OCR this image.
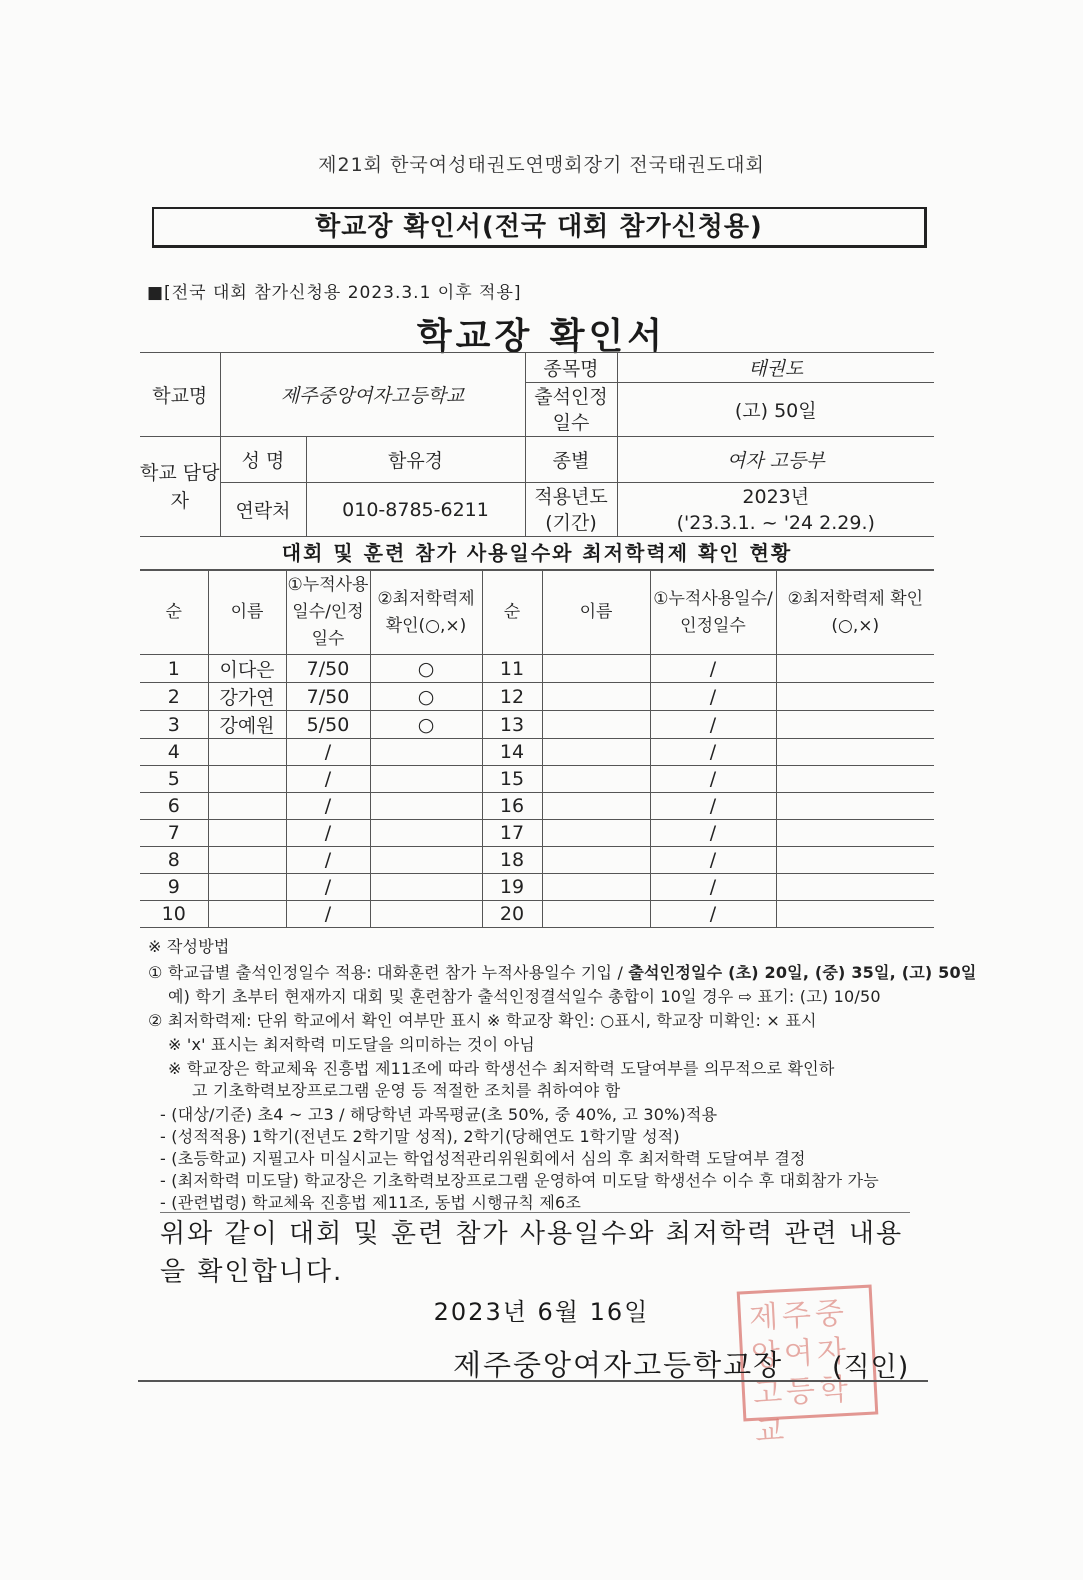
제21회 한국여성태권도연맹회장기 전국태권도대회
학교장 확인서(전국 대회 참가신청용)
■[전국 대회 참가신청용 2023.3.1 이후 적용]
학교장 확인서
학교명	제주중앙여자고등학교		종목명	태권도
			출석인정 일수	(고) 50일
학교 담당자	성 명	함유경	종별	여자 고등부
	연락처	010-8785-6211	적용년도 (기간)	2023년
('23.3.1. ~ '24 2.29.)
대회 및 훈련 참가 사용일수와 최저학력제 확인 현황
순	이름	①누적사용일수/인정일수	②최저학력제 확인(○,×)	순	이름	①누적사용일수/인정일수	②최저학력제 확인(○,×)
1	이다은	7/50	○	11		/	
2	강가연	7/50	○	12		/	
3	강예원	5/50	○	13		/	
4		/		14		/	
5		/		15		/	
6		/		16		/	
7		/		17		/	
8		/		18		/	
9		/		19		/	
10		/		20		/	
※ 작성방법
① 학교급별 출석인정일수 적용: 대화훈련 참가 누적사용일수 기입 / 출석인정일수 (초) 20일, (중) 35일, (고) 50일
예) 학기 초부터 현재까지 대회 및 훈련참가 출석인정결석일수 총합이 10일 경우 ⇨ 표기: (고) 10/50
② 최저학력제: 단위 학교에서 확인 여부만 표시 ※ 학교장 확인: ○표시, 학교장 미확인: × 표시
※ 'x' 표시는 최저학력 미도달을 의미하는 것이 아님
※ 학교장은 학교체육 진흥법 제11조에 따라 학생선수 최저학력 도달여부를 의무적으로 확인하
고 기초학력보장프로그램 운영 등 적절한 조치를 취하여야 함
- (대상/기준) 초4 ~ 고3 / 해당학년 과목평균(초 50%, 중 40%, 고 30%)적용
- (성적적용) 1학기(전년도 2학기말 성적), 2학기(당해연도 1학기말 성적)
- (초등학교) 지필고사 미실시교는 학업성적관리위원회에서 심의 후 최저학력 도달여부 결정
- (최저학력 미도달) 학교장은 기초학력보장프로그램 운영하여 미도달 학생선수 이수 후 대회참가 가능
- (관련법령) 학교체육 진흥법 제11조, 동법 시행규칙 제6조
위와 같이 대회 및 훈련 참가 사용일수와 최저학력 관련 내용을 확인합니다.
2023년 6월 16일	제주중앙여자고등학교
제주중앙여자고등학교장 (직인)
